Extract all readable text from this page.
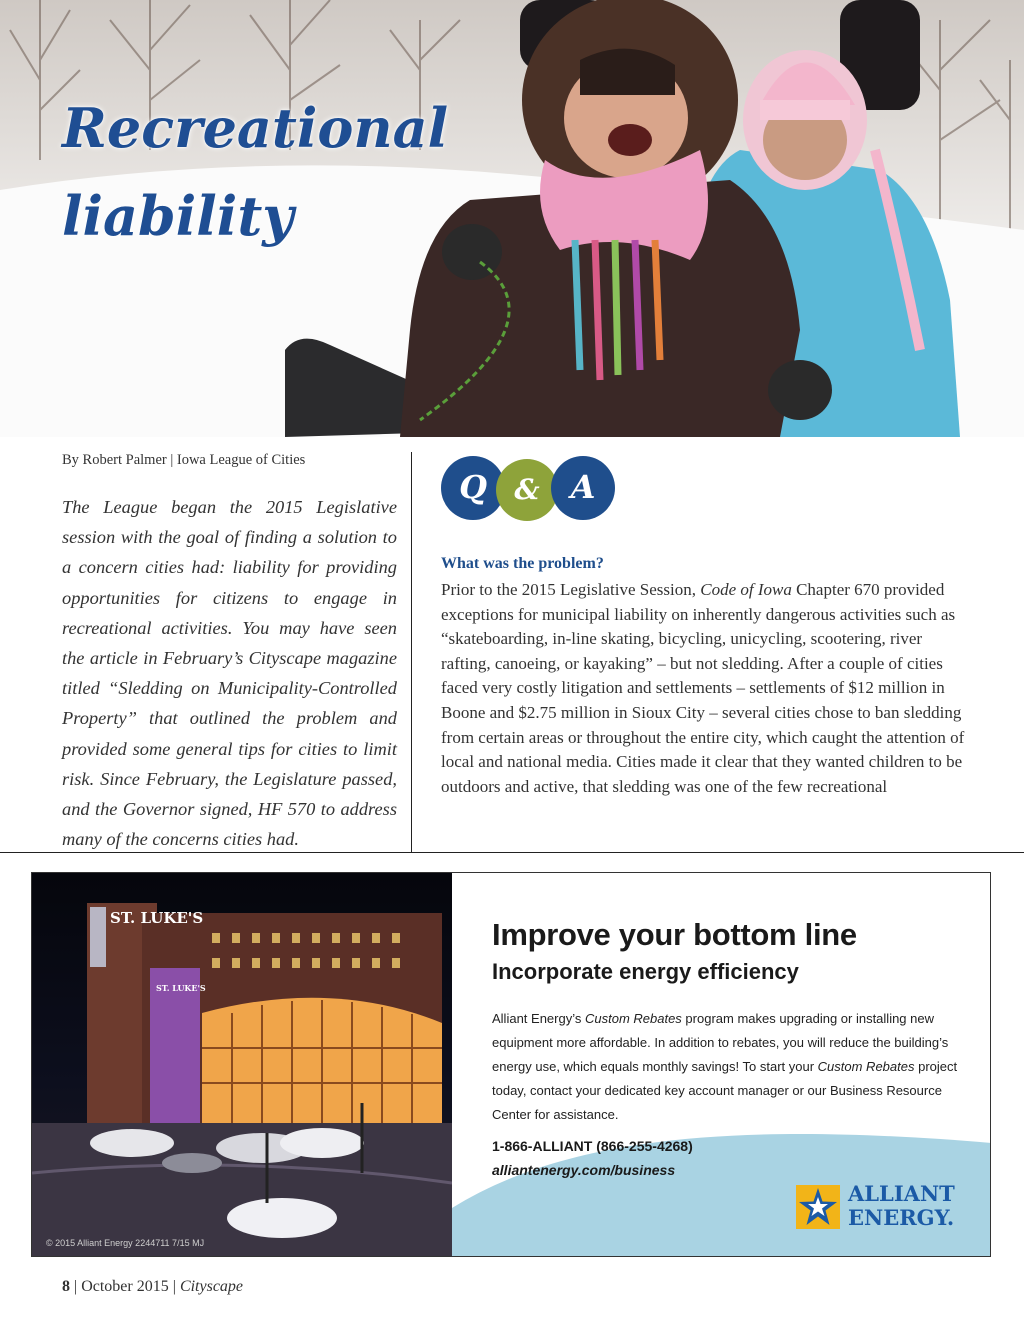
Recreational
liability
By Robert Palmer | Iowa League of Cities

The League began the 2015 Legislative session with the goal of finding a solution to a concern cities had: liability for providing opportunities for citizens to engage in recreational activities. You may have seen the article in February’s Cityscape magazine titled “Sledding on Municipality-Controlled Property” that outlined the problem and provided some general tips for cities to limit risk. Since February, the Legislature passed, and the Governor signed, HF 570 to address many of the concerns cities had.

Q & A
What was the problem?

Prior to the 2015 Legislative Session, Code of Iowa Chapter 670 provided exceptions for municipal liability on inherently dangerous activities such as “skateboarding, in-line skating, bicycling, unicycling, scootering, river rafting, canoeing, or kayaking” – but not sledding. After a couple of cities faced very costly litigation and settlements – settlements of $12 million in Boone and $2.75 million in Sioux City – several cities chose to ban sledding from certain areas or throughout the entire city, which caught the attention of local and national media. Cities made it clear that they wanted children to be outdoors and active, that sledding was one of the few recreational

ST. LUKE'S
ST. LUKE'S
© 2015 Alliant Energy 2244711 7/15 MJ
Improve your bottom line
Incorporate energy efficiency

Alliant Energy’s Custom Rebates program makes upgrading or installing new equipment more affordable. In addition to rebates, you will reduce the building’s energy use, which equals monthly savings! To start your Custom Rebates project today, contact your dedicated key account manager or our Business Resource Center for assistance.

1-866-ALLIANT (866-255-4268)
alliantenergy.com/business
ALLIANT
ENERGY.
8 | October 2015 | Cityscape
